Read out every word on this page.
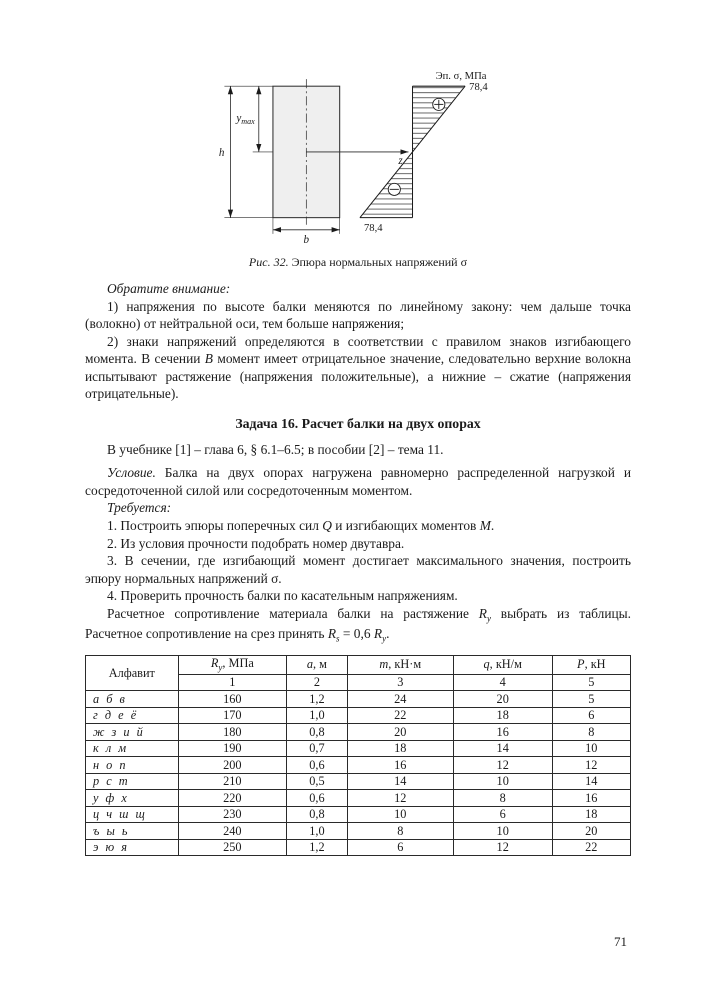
h
$y_{max}$
b
z
Эп. σ, МПа
78,4
78,4
Рис. 32. Эпюра нормальных напряжений σ

Обратите внимание:

1) напряжения по высоте балки меняются по линейному закону: чем дальше точка (волокно) от нейтральной оси, тем больше напряжения;

2) знаки напряжений определяются в соответствии с правилом знаков изгибающего момента. В сечении В момент имеет отрицательное значение, следовательно верхние волокна испытывают растяжение (напряжения положительные), а нижние – сжатие (напряжения отрицательные).

Задача 16. Расчет балки на двух опорах

В учебнике [1] – глава 6, § 6.1–6.5; в пособии [2] – тема 11.

Условие. Балка на двух опорах нагружена равномерно распределенной нагрузкой и сосредоточенной силой или сосредоточенным моментом.

Требуется:

1. Построить эпюры поперечных сил Q и изгибающих моментов М.

2. Из условия прочности подобрать номер двутавра.

3. В сечении, где изгибающий момент достигает максимального значения, построить эпюру нормальных напряжений σ.

4. Проверить прочность балки по касательным напряжениям.

Расчетное сопротивление материала балки на растяжение $R_y$ выбрать из таблицы. Расчетное сопротивление на срез принять $R_s = 0,6$ $R_y$.

Алфавит	$R_y$, МПа	a, м	m, кН·м	q, кН/м	P, кН
	1	2	3	4	5
а б в	160	1,2	24	20	5
г д е ё	170	1,0	22	18	6
ж з и й	180	0,8	20	16	8
к л м	190	0,7	18	14	10
н о п	200	0,6	16	12	12
р с т	210	0,5	14	10	14
у ф х	220	0,6	12	8	16
ц ч ш щ	230	0,8	10	6	18
ъ ы ь	240	1,0	8	10	20
э ю я	250	1,2	6	12	22
71
